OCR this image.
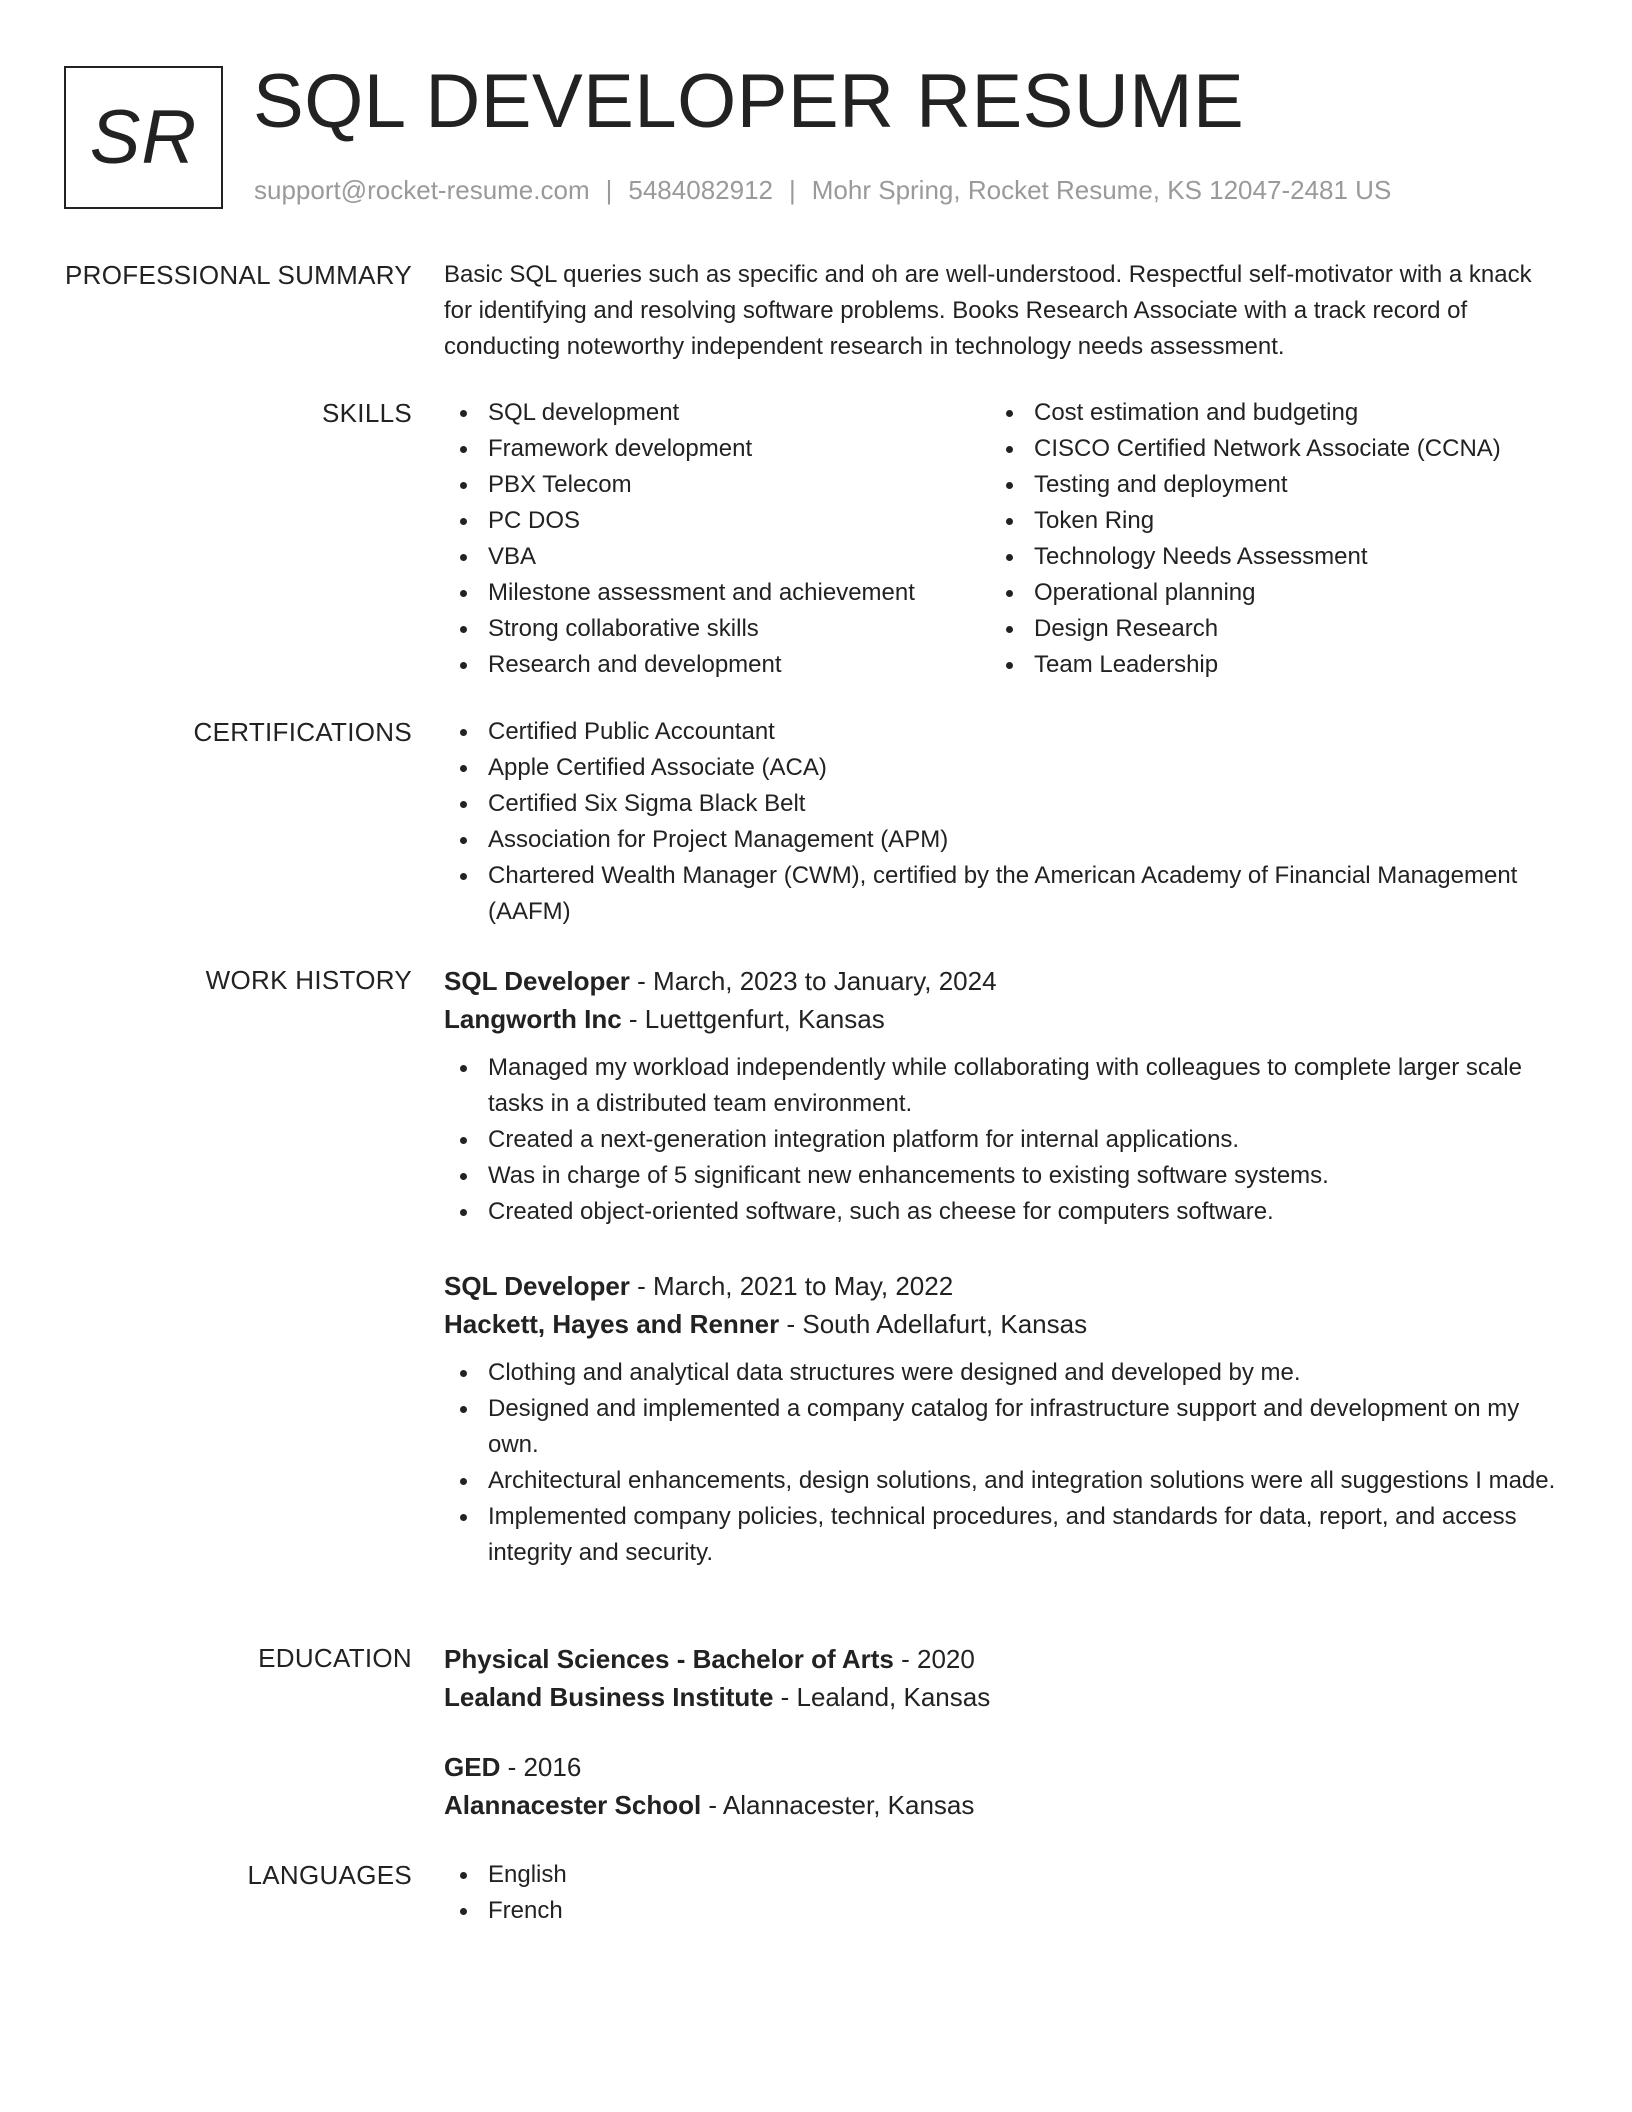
SR SQL DEVELOPER RESUME
support@rocket-resume.com | 5484082912 | Mohr Spring, Rocket Resume, KS 12047-2481 US
PROFESSIONAL SUMMARY Basic SQL queries such as specific and oh are well-understood. Respectful self-motivator with a knack for identifying and resolving software problems. Books Research Associate with a track record of conducting noteworthy independent research in technology needs assessment.
SKILLS	SQL development
Framework development
PBX Telecom
PC DOS
VBA
Milestone assessment and achievement
Strong collaborative skills
Research and development
Cost estimation and budgeting
CISCO Certified Network Associate (CCNA)
Testing and deployment
Token Ring
Technology Needs Assessment
Operational planning
Design Research
Team Leadership
CERTIFICATIONS	Certified Public Accountant
Apple Certified Associate (ACA)
Certified Six Sigma Black Belt
Association for Project Management (APM)
Chartered Wealth Manager (CWM), certified by the American Academy of Financial Management (AAFM)
WORK HISTORY SQL Developer - March, 2023 to January, 2024
Langworth Inc - Luettgenfurt, Kansas
Managed my workload independently while collaborating with colleagues to complete larger scale tasks in a distributed team environment.
Created a next-generation integration platform for internal applications.
Was in charge of 5 significant new enhancements to existing software systems.
Created object-oriented software, such as cheese for computers software.
SQL Developer - March, 2021 to May, 2022
Hackett, Hayes and Renner - South Adellafurt, Kansas
Clothing and analytical data structures were designed and developed by me.
Designed and implemented a company catalog for infrastructure support and development on my own.
Architectural enhancements, design solutions, and integration solutions were all suggestions I made.
Implemented company policies, technical procedures, and standards for data, report, and access integrity and security.
EDUCATION Physical Sciences - Bachelor of Arts - 2020
Lealand Business Institute - Lealand, Kansas
GED - 2016
Alannacester School - Alannacester, Kansas
LANGUAGES	English
French
